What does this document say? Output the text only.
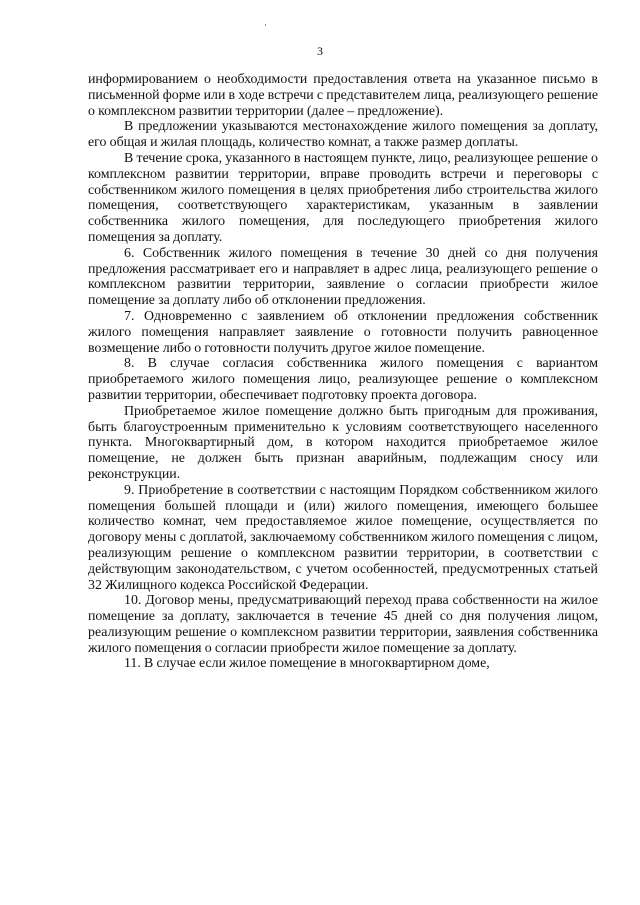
3

информированием о необходимости предоставления ответа на указанное письмо в письменной форме или в ходе встречи с представителем лица, реализующего решение о комплексном развитии территории (далее – предложение).

В предложении указываются местонахождение жилого помещения за доплату, его общая и жилая площадь, количество комнат, а также размер доплаты.

В течение срока, указанного в настоящем пункте, лицо, реализующее решение о комплексном развитии территории, вправе проводить встречи и переговоры с собственником жилого помещения в целях приобретения либо строительства жилого помещения, соответствующего характеристикам, указанным в заявлении собственника жилого помещения, для последующего приобретения жилого помещения за доплату.

6. Собственник жилого помещения в течение 30 дней со дня получения предложения рассматривает его и направляет в адрес лица, реализующего решение о комплексном развитии территории, заявление о согласии приобрести жилое помещение за доплату либо об отклонении предложения.

7. Одновременно с заявлением об отклонении предложения собственник жилого помещения направляет заявление о готовности получить равноценное возмещение либо о готовности получить другое жилое помещение.

8. В случае согласия собственника жилого помещения с вариантом приобретаемого жилого помещения лицо, реализующее решение о комплексном развитии территории, обеспечивает подготовку проекта договора.

Приобретаемое жилое помещение должно быть пригодным для проживания, быть благоустроенным применительно к условиям соответствующего населенного пункта. Многоквартирный дом, в котором находится приобретаемое жилое помещение, не должен быть признан аварийным, подлежащим сносу или реконструкции.

9. Приобретение в соответствии с настоящим Порядком собственником жилого помещения большей площади и (или) жилого помещения, имеющего большее количество комнат, чем предоставляемое жилое помещение, осуществляется по договору мены с доплатой, заключаемому собственником жилого помещения с лицом, реализующим решение о комплексном развитии территории, в соответствии с действующим законодательством, с учетом особенностей, предусмотренных статьей 32 Жилищного кодекса Российской Федерации.

10. Договор мены, предусматривающий переход права собственности на жилое помещение за доплату, заключается в течение 45 дней со дня получения лицом, реализующим решение о комплексном развитии территории, заявления собственника жилого помещения о согласии приобрести жилое помещение за доплату.

11. В случае если жилое помещение в многоквартирном доме,
